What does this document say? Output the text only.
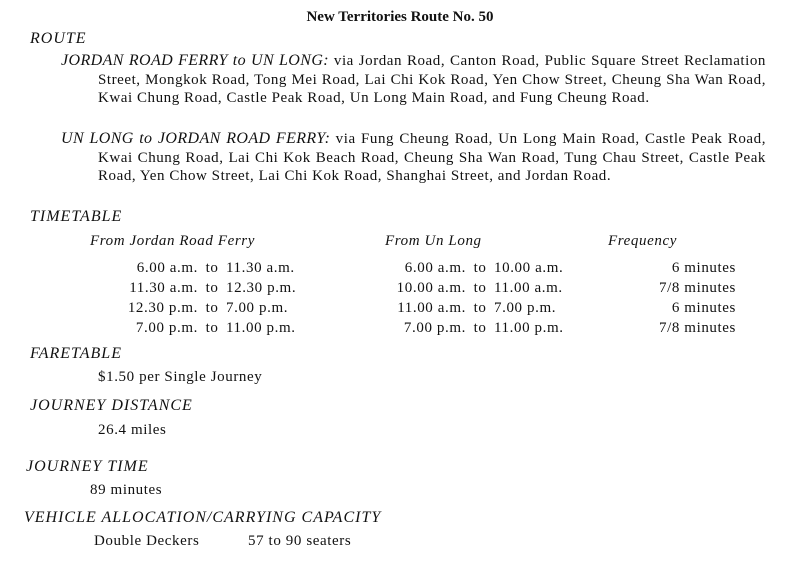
New Territories Route No. 50
ROUTE
JORDAN ROAD FERRY to UN LONG: via Jordan Road, Canton Road, Public Square Street Reclamation Street, Mongkok Road, Tong Mei Road, Lai Chi Kok Road, Yen Chow Street, Cheung Sha Wan Road, Kwai Chung Road, Castle Peak Road, Un Long Main Road, and Fung Cheung Road.
UN LONG to JORDAN ROAD FERRY: via Fung Cheung Road, Un Long Main Road, Castle Peak Road, Kwai Chung Road, Lai Chi Kok Beach Road, Cheung Sha Wan Road, Tung Chau Street, Castle Peak Road, Yen Chow Street, Lai Chi Kok Road, Shanghai Street, and Jordan Road.
TIMETABLE
From Jordan Road Ferry	From Un Long	Frequency
6.00 a.m.	to	11.30 a.m.	6.00 a.m.	to	10.00 a.m.	6 minutes
11.30 a.m.	to	12.30 p.m.	10.00 a.m.	to	11.00 a.m.	7/8 minutes
12.30 p.m.	to	7.00 p.m.	11.00 a.m.	to	7.00 p.m.	6 minutes
7.00 p.m.	to	11.00 p.m.	7.00 p.m.	to	11.00 p.m.	7/8 minutes
FARETABLE
$1.50 per Single Journey
JOURNEY DISTANCE
26.4 miles
JOURNEY TIME
89 minutes
VEHICLE ALLOCATION/CARRYING CAPACITY
Double Deckers	57 to 90 seaters
